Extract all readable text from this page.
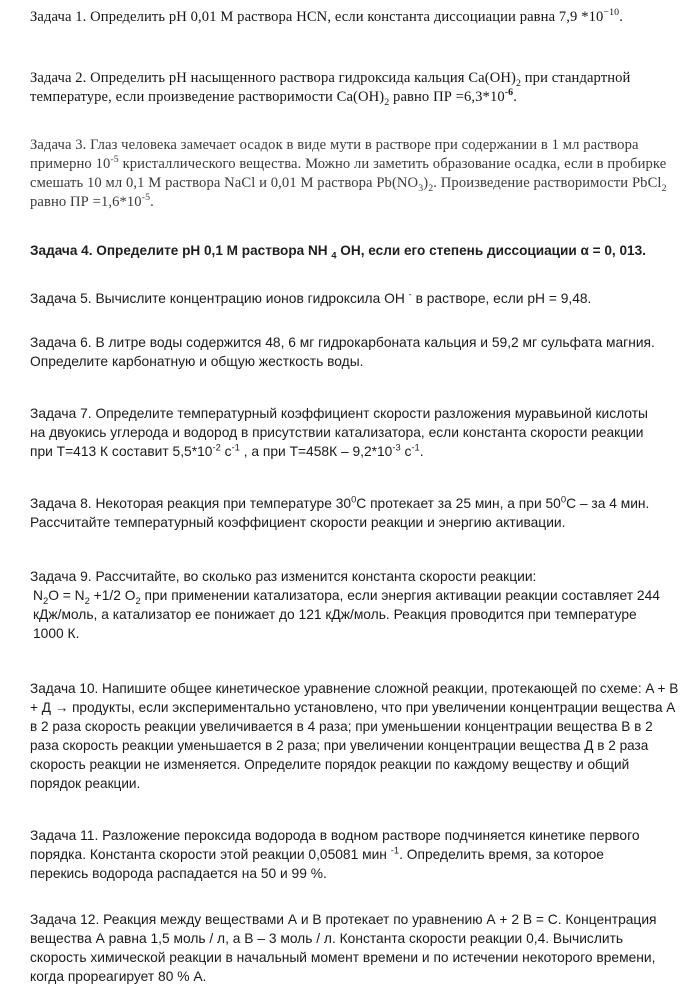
Задача 1. Определить pH 0,01 М раствора HCN, если константа диссоциации равна 7,9 $*10^{-10}$.

Задача 2. Определить pH насыщенного раствора гидроксида кальция $Са(ОН)_2$ при стандартной температуре, если произведение растворимости $Са(ОН)_2$ равно ПР $=6,3*10^{-6}$.

Задача 3. Глаз человека замечает осадок в виде мути в растворе при содержании в 1 мл раствора примерно $10^{-5}$ кристаллического вещества. Можно ли заметить образование осадка, если в пробирке смешать 10 мл 0,1 М раствора NaCl и 0,01 М раствора $Pb(NO_3)_2$. Произведение растворимости PbCl$_2$ равно ПР $=1,6*10^{-5}$.

Задача 4. Определите pH 0,1 М раствора NH $_4$ OH, если его степень диссоциации α = 0, 013.

Задача 5. Вычислите концентрацию ионов гидроксила ОН - в растворе, если pH = 9,48.

Задача 6. В литре воды содержится 48, 6 мг гидрокарбоната кальция и 59,2 мг сульфата магния. Определите карбонатную и общую жесткость воды.

Задача 7. Определите температурный коэффициент скорости разложения муравьиной кислоты на двуокись углерода и водород в присутствии катализатора, если константа скорости реакции при Т=413 К составит $5,5*10^{-2}$ $с^{-1}$ , а при $Т=458К - 9,2*10^{-3}$ $с^{-1}$.

Задача 8. Некоторая реакция при температуре $30^0С$ протекает за 25 мин, а при $50^0С$ – за 4 мин. Рассчитайте температурный коэффициент скорости реакции и энергию активации.

Задача 9. Рассчитайте, во сколько раз изменится константа скорости реакции:
$N_2O = N_2 +1/2$ $O_2$ при применении катализатора, если энергия активации реакции составляет 244 кДж/моль, а катализатор ее понижает до 121 кДж/моль. Реакция проводится при температуре 1000 К.

Задача 10. Напишите общее кинетическое уравнение сложной реакции, протекающей по схеме: A + B + Д → продукты, если экспериментально установлено, что при увеличении концентрации вещества А в 2 раза скорость реакции увеличивается в 4 раза; при уменьшении концентрации вещества В в 2 раза скорость реакции уменьшается в 2 раза; при увеличении концентрации вещества Д в 2 раза скорость реакции не изменяется. Определите порядок реакции по каждому веществу и общий порядок реакции.

Задача 11. Разложение пероксида водорода в водном растворе подчиняется кинетике первого порядка. Константа скорости этой реакции 0,05081 мин $^{-1}$. Определить время, за которое перекись водорода распадается на 50 и 99 %.

Задача 12. Реакция между веществами А и В протекает по уравнению А + 2 В = С. Концентрация вещества А равна 1,5 моль / л, а В – 3 моль / л. Константа скорости реакции 0,4. Вычислить скорость химической реакции в начальный момент времени и по истечении некоторого времени, когда прореагирует 80 % А.
